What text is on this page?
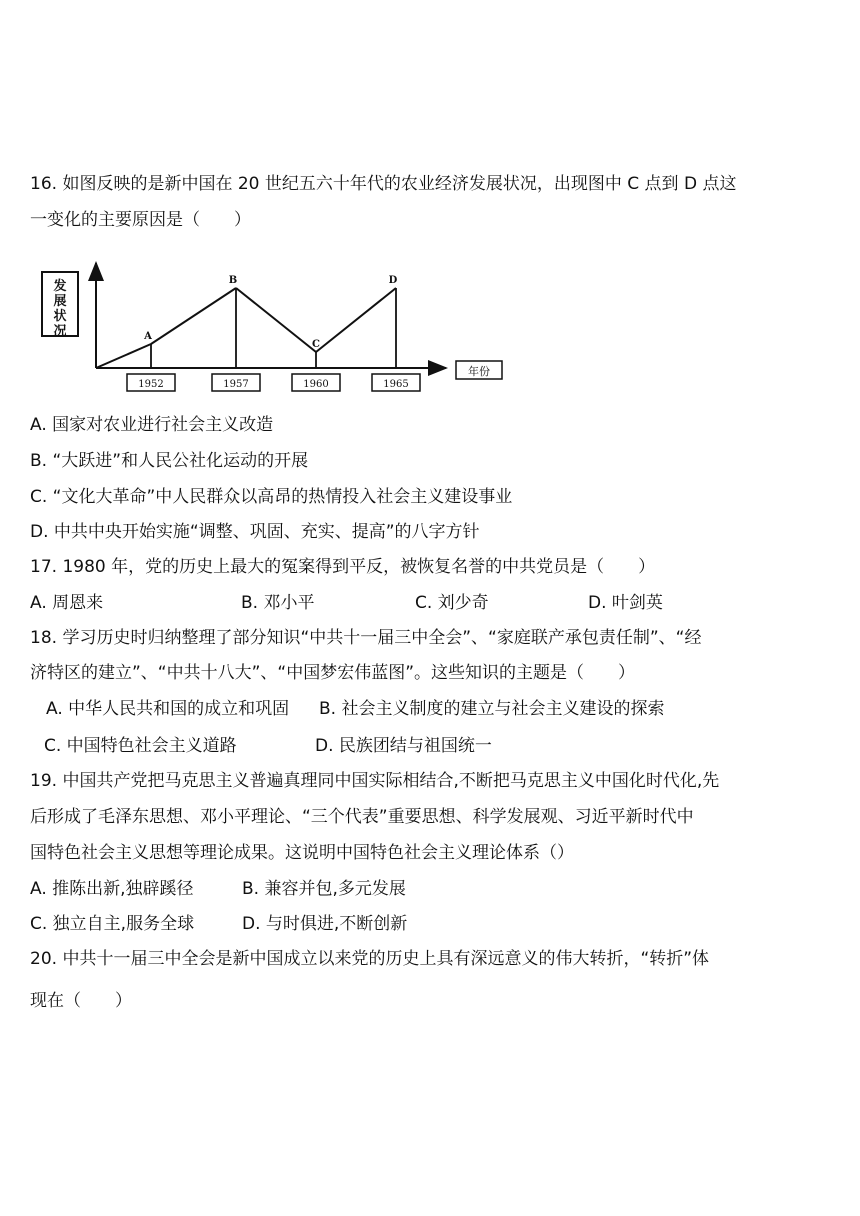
16. 如图反映的是新中国在 20 世纪五六十年代的农业经济发展状况，出现图中 C 点到 D 点这
一变化的主要原因是（　　）
发展状况
年份
A
1952
B
1957
C
1960
D
1965
A. 国家对农业进行社会主义改造
B. “大跃进”和人民公社化运动的开展
C. “文化大革命”中人民群众以高昂的热情投入社会主义建设事业
D. 中共中央开始实施“调整、巩固、充实、提高”的八字方针
17. 1980 年，党的历史上最大的冤案得到平反，被恢复名誉的中共党员是（　　）
A. 周恩来	B. 邓小平	C. 刘少奇	D. 叶剑英
18. 学习历史时归纳整理了部分知识“中共十一届三中全会”、“家庭联产承包责任制”、“经
济特区的建立”、“中共十八大”、“中国梦宏伟蓝图”。这些知识的主题是（　　）
A. 中华人民共和国的成立和巩固 B. 社会主义制度的建立与社会主义建设的探索
C. 中国特色社会主义道路	D. 民族团结与祖国统一
19. 中国共产党把马克思主义普遍真理同中国实际相结合,不断把马克思主义中国化时代化,先
后形成了毛泽东思想、邓小平理论、“三个代表”重要思想、科学发展观、习近平新时代中
国特色社会主义思想等理论成果。这说明中国特色社会主义理论体系（）
A. 推陈出新,独辟蹊径	B. 兼容并包,多元发展
C. 独立自主,服务全球	D. 与时俱进,不断创新
20. 中共十一届三中全会是新中国成立以来党的历史上具有深远意义的伟大转折，“转折”体
现在（　　）
